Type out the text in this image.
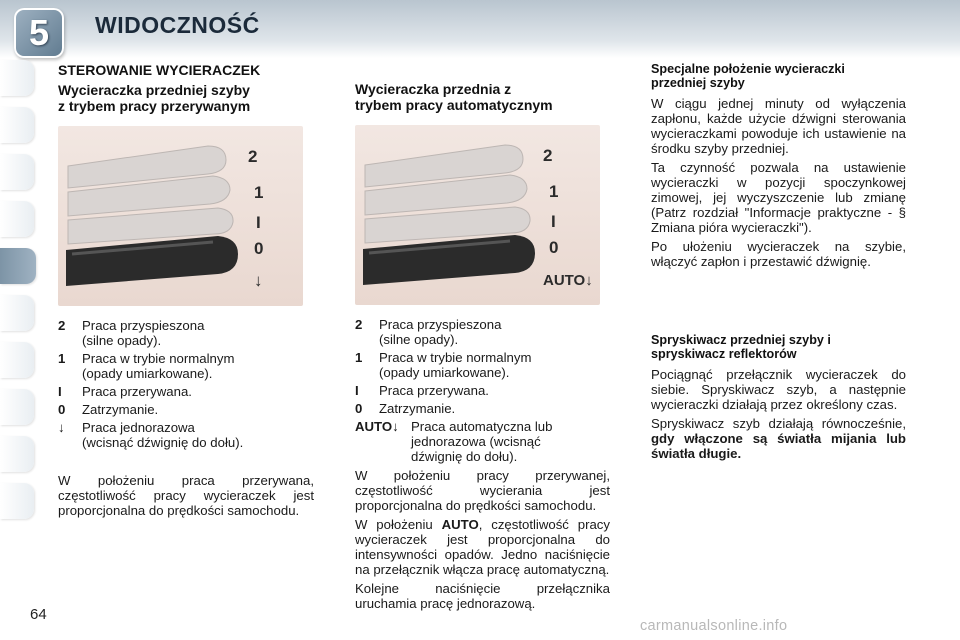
5	WIDOCZNOŚĆ
STEROWANIE WYCIERACZEK
Wycieraczka przedniej szyby
z trybem pracy przerywanym
2
1
I
0
↓
2	Praca przyspieszona
(silne opady).
1	Praca w trybie normalnym
(opady umiarkowane).
I	Praca przerywana.
0	Zatrzymanie.
↓	Praca jednorazowa
(wcisnąć dźwignię do dołu).

W położeniu praca przerywana, częstotliwość pracy wycieraczek jest proporcjonalna do prędkości samochodu.

Wycieraczka przednia z
trybem pracy automatycznym
2
1
I
0
AUTO↓
2	Praca przyspieszona
(silne opady).
1	Praca w trybie normalnym
(opady umiarkowane).
I	Praca przerywana.
0	Zatrzymanie.
AUTO↓ Praca automatyczna lub
jednorazowa (wcisnąć
dźwignię do dołu).

W położeniu pracy przerywanej, częstotliwość wycierania jest proporcjonalna do prędkości samochodu.

W położeniu AUTO, częstotliwość pracy wycieraczek jest proporcjonalna do intensywności opadów. Jedno naciśnięcie na przełącznik włącza pracę automatyczną.

Kolejne naciśnięcie przełącznika uruchamia pracę jednorazową.

Specjalne położenie wycieraczki
przedniej szyby

W ciągu jednej minuty od wyłączenia zapłonu, każde użycie dźwigni sterowania wycieraczkami powoduje ich ustawienie na środku szyby przedniej.

Ta czynność pozwala na ustawienie wycieraczki w pozycji spoczynkowej zimowej, jej wyczyszczenie lub zmianę (Patrz rozdział "Informacje praktyczne - § Zmiana pióra wycieraczki").

Po ułożeniu wycieraczek na szybie, włączyć zapłon i przestawić dźwignię.

Spryskiwacz przedniej szyby i
spryskiwacz reflektorów

Pociągnąć przełącznik wycieraczek do siebie. Spryskiwacz szyb, a następnie wycieraczki działają przez określony czas.

Spryskiwacz szyb działają równocześnie, gdy włączone są światła mijania lub światła długie.

64
carmanualsonline.info
